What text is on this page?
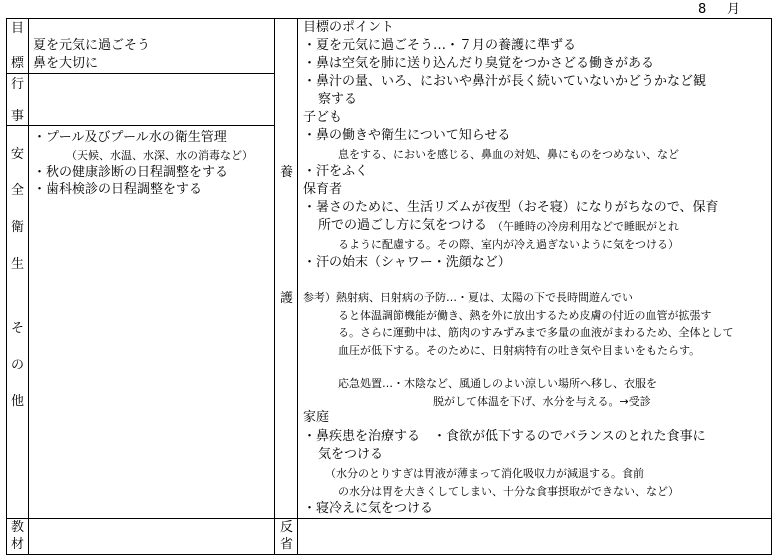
8 月
目
標
行
事
安
全
衛
生
そ
の
他
教
材
夏を元気に過ごそう
鼻を大切に
・プール及びプール水の衛生管理
（天候、水温、水深、水の消毒など）
・秋の健康診断の日程調整をする
・歯科検診の日程調整をする
養
護
反
省
目標のポイント
・夏を元気に過ごそう…・７月の養護に準ずる
・鼻は空気を肺に送り込んだり臭覚をつかさどる働きがある
・鼻汁の量、いろ、においや鼻汁が長く続いていないかどうかなど観
察する
子ども
・鼻の働きや衛生について知らせる
息をする、においを感じる、鼻血の対処、鼻にものをつめない、など
・汗をふく
保育者
・暑さのために、生活リズムが夜型（おそ寝）になりがちなので、保育
所での過ごし方に気をつける （午睡時の冷房利用などで睡眠がとれ
るように配慮する。その際、室内が冷え過ぎないように気をつける）
・汗の始末（シャワー・洗顔など）
参考）熱射病、日射病の予防…・夏は、太陽の下で長時間遊んでい
ると体温調節機能が働き、熱を外に放出するため皮膚の付近の血管が拡張す
る。さらに運動中は、筋肉のすみずみまで多量の血液がまわるため、全体として
血圧が低下する。そのために、日射病特有の吐き気や目まいをもたらす。
応急処置…・木陰など、風通しのよい涼しい場所へ移し、衣服を
脱がして体温を下げ、水分を与える。→受診
家庭
・鼻疾患を治療する　・食欲が低下するのでバランスのとれた食事に
気をつける
（水分のとりすぎは胃液が薄まって消化吸収力が減退する。食前
の水分は胃を大きくしてしまい、十分な食事摂取ができない、など）
・寝冷えに気をつける
